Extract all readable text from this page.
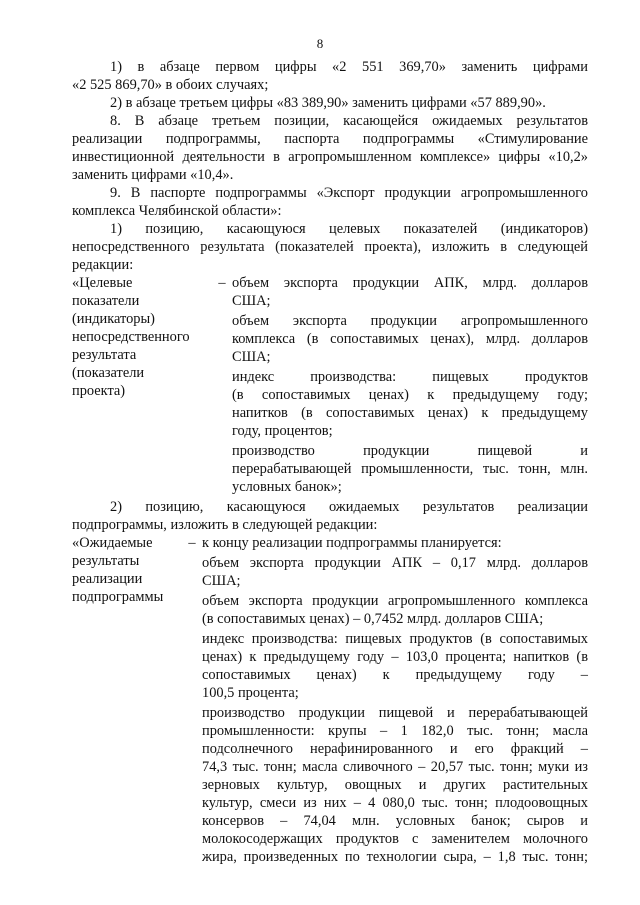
8

1) в абзаце первом цифры «2 551 369,70» заменить цифрами

«2 525 869,70» в обоих случаях;

2) в абзаце третьем цифры «83 389,90» заменить цифрами «57 889,90».

8. В абзаце третьем позиции, касающейся ожидаемых результатов

реализации подпрограммы, паспорта подпрограммы «Стимулирование

инвестиционной деятельности в агропромышленном комплексе» цифры «10,2»

заменить цифрами «10,4».

9. В паспорте подпрограммы «Экспорт продукции агропромышленного

комплекса Челябинской области»:

1) позицию, касающуюся целевых показателей (индикаторов)

непосредственного результата (показателей проекта), изложить в следующей

редакции:

«Целевые

показатели

(индикаторы)

непосредственного

результата

(показатели

проекта)

– объем экспорта продукции АПК, млрд. долларов

США;

объем экспорта продукции агропромышленного

комплекса (в сопоставимых ценах), млрд. долларов

США;

индекс производства: пищевых продуктов

(в сопоставимых ценах) к предыдущему году;

напитков (в сопоставимых ценах) к предыдущему

году, процентов;

производство продукции пищевой и

перерабатывающей промышленности, тыс. тонн, млн.

условных банок»;

2) позицию, касающуюся ожидаемых результатов реализации

подпрограммы, изложить в следующей редакции:

«Ожидаемые

результаты

реализации

подпрограммы

– к концу реализации подпрограммы планируется:

объем экспорта продукции АПК – 0,17 млрд. долларов

США;

объем экспорта продукции агропромышленного комплекса

(в сопоставимых ценах) – 0,7452 млрд. долларов США;

индекс производства: пищевых продуктов (в сопоставимых

ценах) к предыдущему году – 103,0 процента; напитков (в

сопоставимых ценах) к предыдущему году –

100,5 процента;

производство продукции пищевой и перерабатывающей

промышленности: крупы – 1 182,0 тыс. тонн; масла

подсолнечного нерафинированного и его фракций –

74,3 тыс. тонн; масла сливочного – 20,57 тыс. тонн; муки из

зерновых культур, овощных и других растительных

культур, смеси из них – 4 080,0 тыс. тонн; плодоовощных

консервов – 74,04 млн. условных банок; сыров и

молокосодержащих продуктов с заменителем молочного

жира, произведенных по технологии сыра, – 1,8 тыс. тонн;
